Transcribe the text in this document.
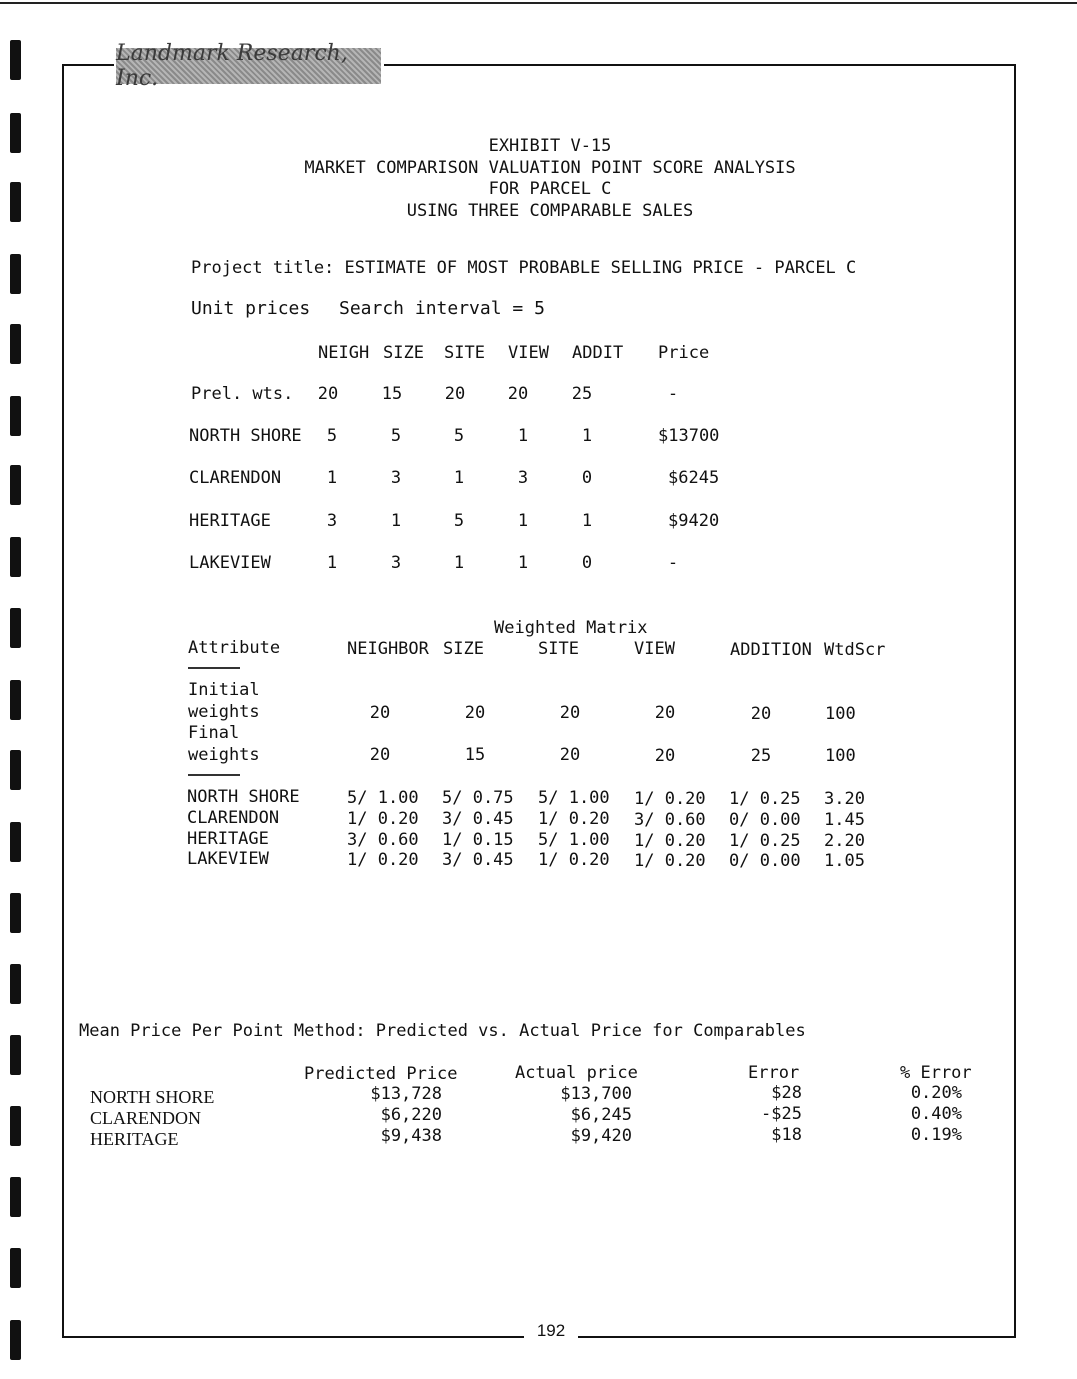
Landmark Research, Inc.
EXHIBIT V-15
MARKET COMPARISON VALUATION POINT SCORE ANALYSIS
FOR PARCEL C
USING THREE COMPARABLE SALES
Project title: ESTIMATE OF MOST PROBABLE SELLING PRICE - PARCEL C
Unit prices Search interval = 5
NEIGH SIZE SITE VIEW ADDIT Price
Prel. wts.	20	15	20	20	25	-
NORTH SHORE	5	5	5	1	1	$13700
CLARENDON	1	3	1	3	0	$6245
HERITAGE	3	1	5	1	1	$9420
LAKEVIEW	1	3	1	1	0	-
Weighted Matrix
Attribute	NEIGHBOR SIZE	SITE	VIEW	ADDITION WtdScr
Initial
weights	20	20	20	20	20	100
Final
weights	20	15	20	20	25	100
NORTH SHORE	5/ 1.00 5/ 0.75 5/ 1.00 1/ 0.20 1/ 0.25 3.20
CLARENDON	1/ 0.20 3/ 0.45 1/ 0.20 3/ 0.60 0/ 0.00 1.45
HERITAGE	3/ 0.60 1/ 0.15 5/ 1.00 1/ 0.20 1/ 0.25 2.20
LAKEVIEW	1/ 0.20 3/ 0.45 1/ 0.20 1/ 0.20 0/ 0.00 1.05
Mean Price Per Point Method: Predicted vs. Actual Price for Comparables
Predicted Price	Actual price	Error	% Error
NORTH SHORE	$13,728	$13,700	$28	0.20%
CLARENDON	$6,220	$6,245	-$25	0.40%
HERITAGE	$9,438	$9,420	$18	0.19%
192
